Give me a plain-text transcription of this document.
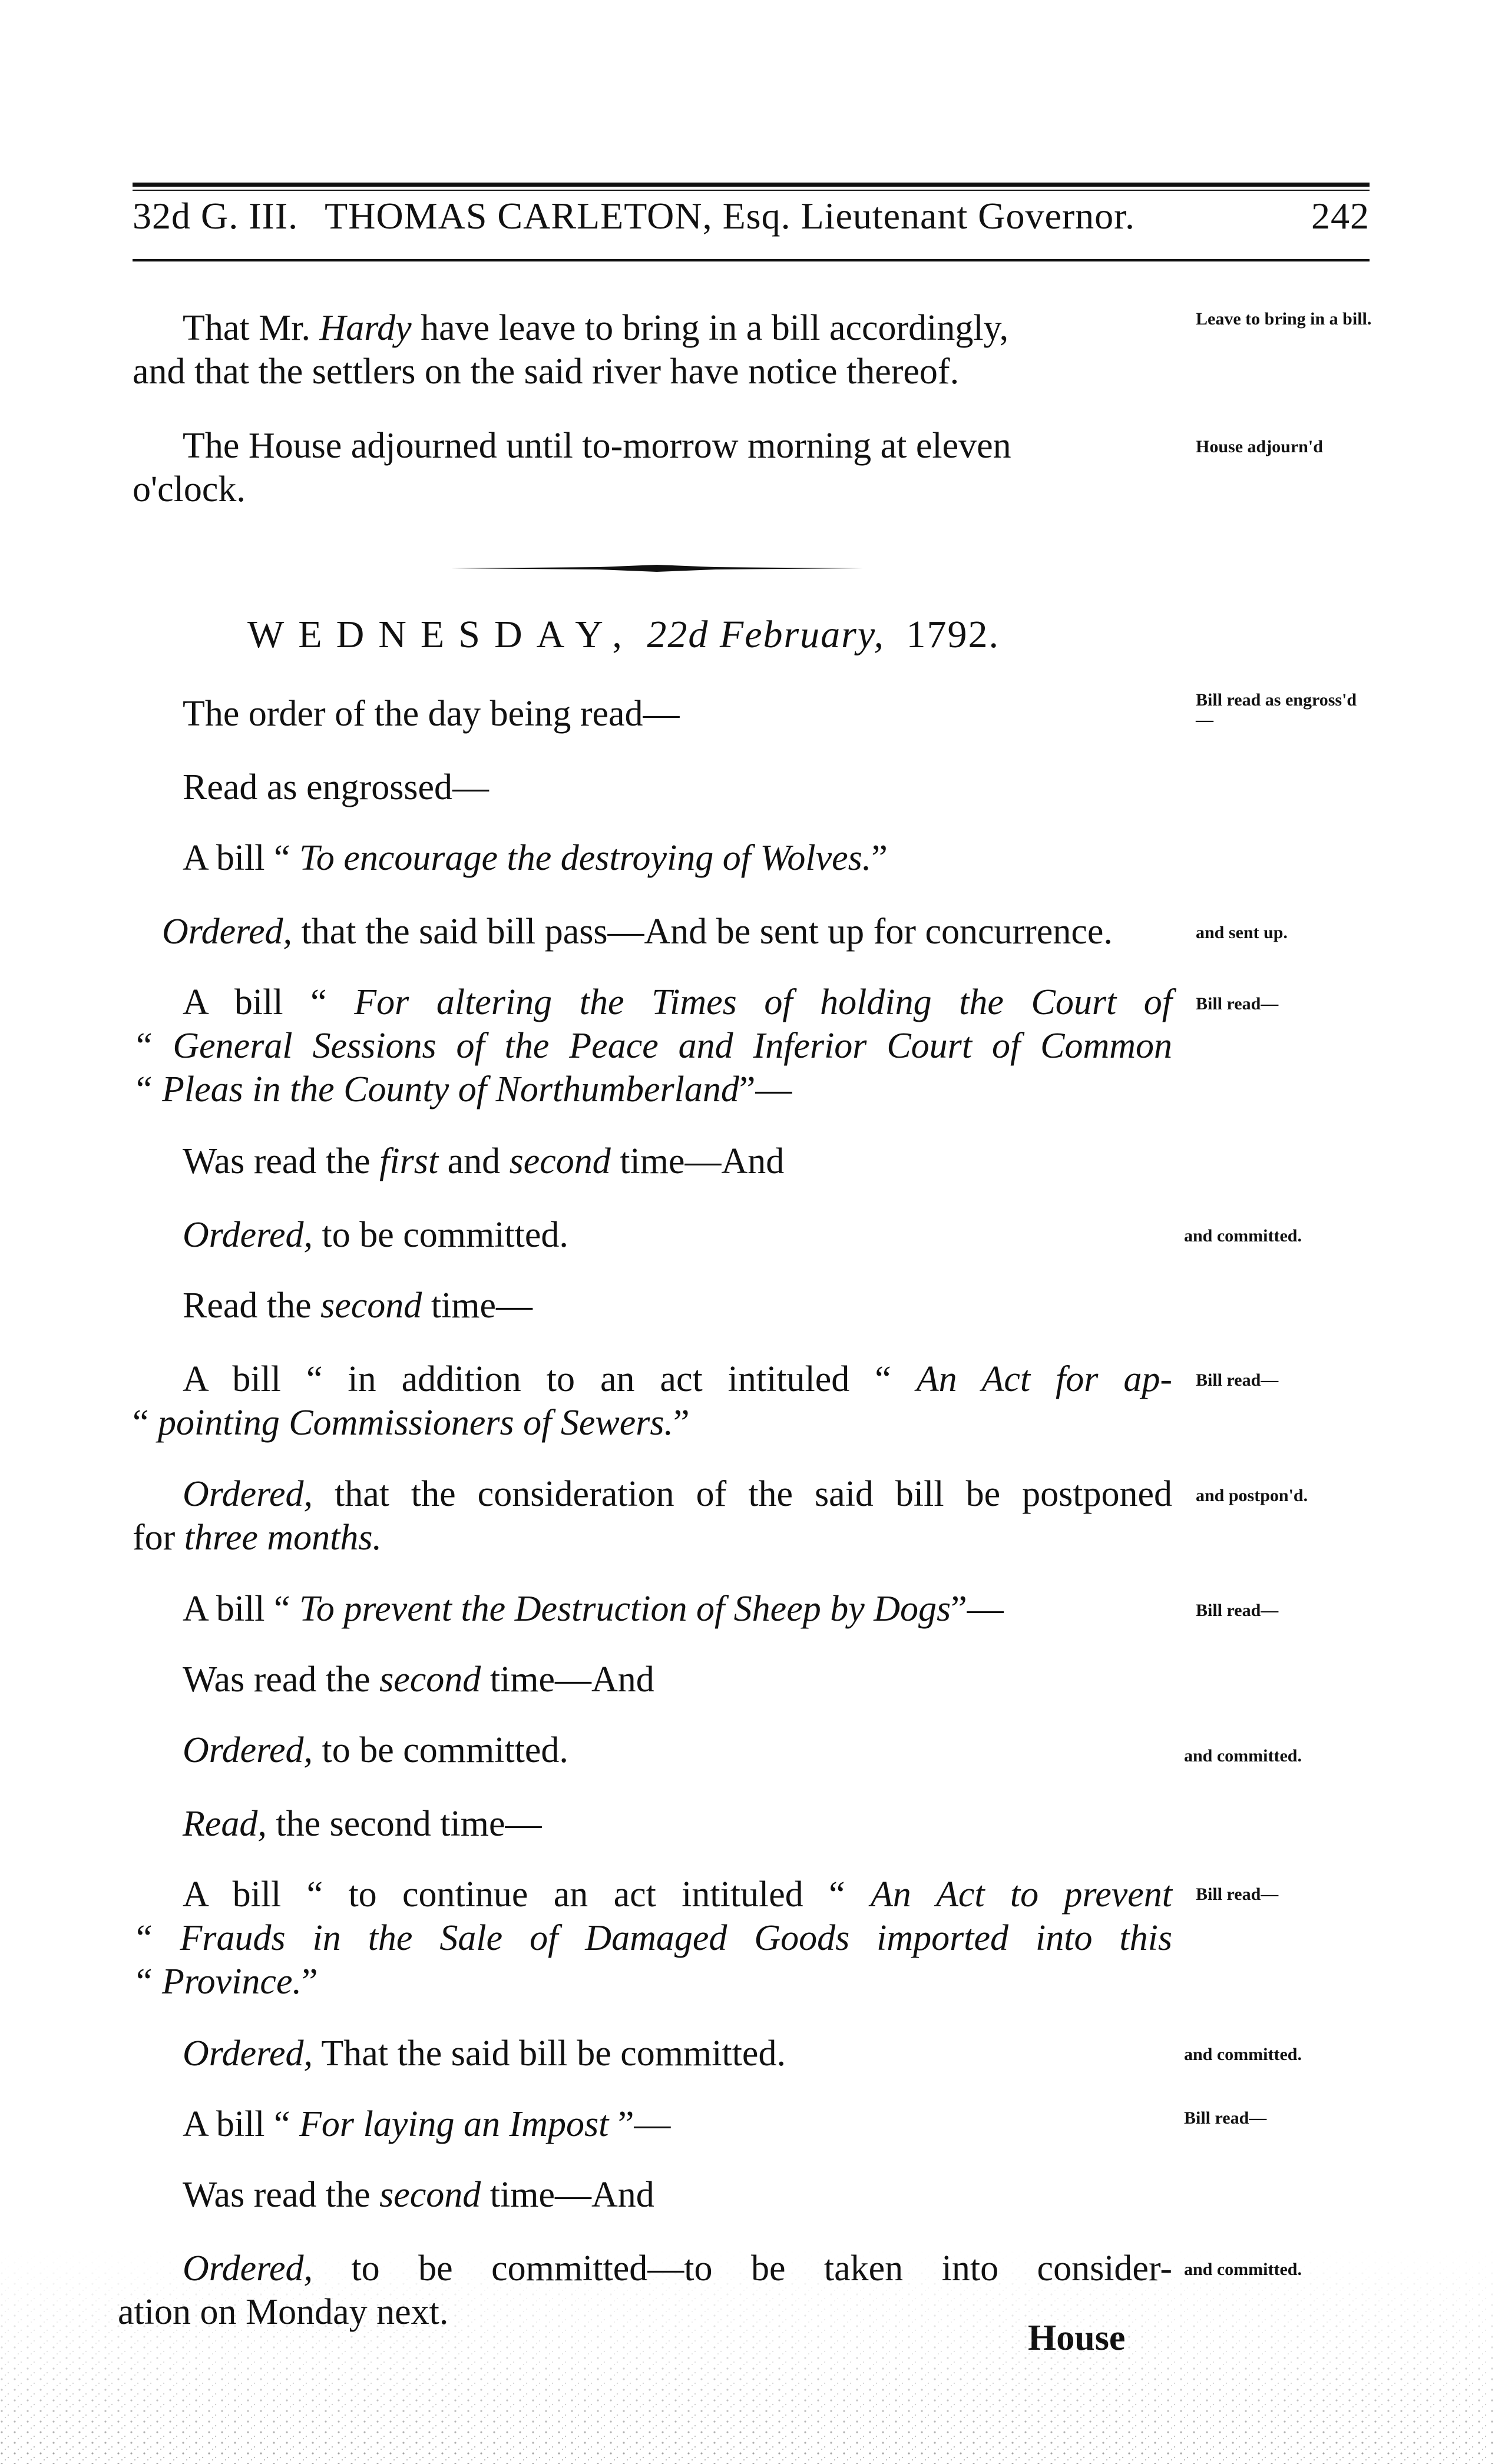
32d G. III. THOMAS CARLETON, Esq. Lieutenant Governor.	242
That Mr. Hardy have leave to bring in a bill accordingly,
and that the settlers on the said river have notice thereof.
Leave to bring in a bill.
The House adjourned until to-morrow morning at eleven
o'clock.
House adjourn'd
WEDNESDAY, 22d February, 1792.
The order of the day being read—	Bill read as engross'd—
Read as engrossed—
A bill “ To encourage the destroying of Wolves.”
Ordered, that the said bill pass—And be sent up for concurrence.	and sent up.
A bill “ For altering the Times of holding the Court of
“ General Sessions of the Peace and Inferior Court of Common
“ Pleas in the County of Northumberland”—
Bill read—
Was read the first and second time—And
Ordered, to be committed.	and committed.
Read the second time—
A bill “ in addition to an act intituled “ An Act for ap-
“ pointing Commissioners of Sewers.”
Bill read—
Ordered, that the consideration of the said bill be postponed
for three months.
and postpon'd.
A bill “ To prevent the Destruction of Sheep by Dogs”—	Bill read—
Was read the second time—And
Ordered, to be committed.	and committed.
Read, the second time—
A bill “ to continue an act intituled “ An Act to prevent
“ Frauds in the Sale of Damaged Goods imported into this
“ Province.”
Bill read—
Ordered, That the said bill be committed.	and committed.
A bill “ For laying an Impost ”—	Bill read—
Was read the second time—And
